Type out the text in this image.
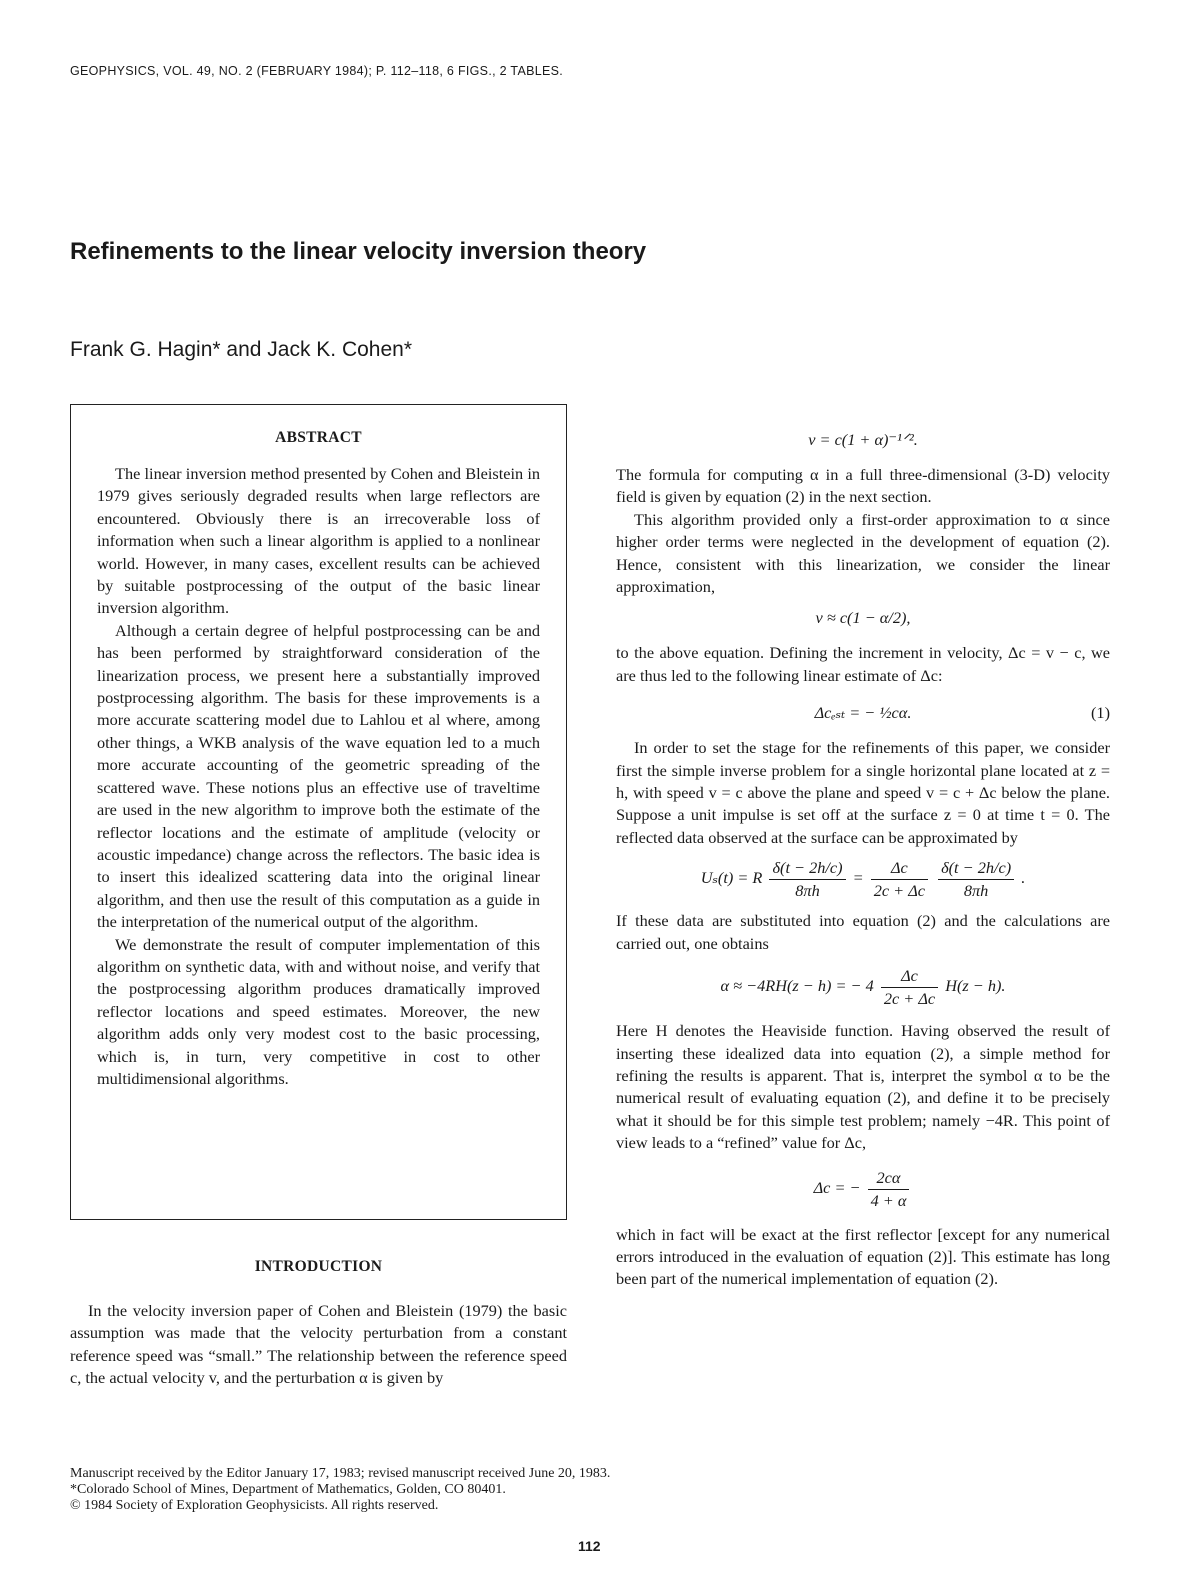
GEOPHYSICS, VOL. 49, NO. 2 (FEBRUARY 1984); P. 112–118, 6 FIGS., 2 TABLES.
Refinements to the linear velocity inversion theory
Frank G. Hagin* and Jack K. Cohen*
ABSTRACT

The linear inversion method presented by Cohen and Bleistein in 1979 gives seriously degraded results when large reflectors are encountered. Obviously there is an irrecoverable loss of information when such a linear algorithm is applied to a nonlinear world. However, in many cases, excellent results can be achieved by suitable postprocessing of the output of the basic linear inversion algorithm.

Although a certain degree of helpful postprocessing can be and has been performed by straightforward consideration of the linearization process, we present here a substantially improved postprocessing algorithm. The basis for these improvements is a more accurate scattering model due to Lahlou et al where, among other things, a WKB analysis of the wave equation led to a much more accurate accounting of the geometric spreading of the scattered wave. These notions plus an effective use of traveltime are used in the new algorithm to improve both the estimate of the reflector locations and the estimate of amplitude (velocity or acoustic impedance) change across the reflectors. The basic idea is to insert this idealized scattering data into the original linear algorithm, and then use the result of this computation as a guide in the interpretation of the numerical output of the algorithm.

We demonstrate the result of computer implementation of this algorithm on synthetic data, with and without noise, and verify that the postprocessing algorithm produces dramatically improved reflector locations and speed estimates. Moreover, the new algorithm adds only very modest cost to the basic processing, which is, in turn, very competitive in cost to other multidimensional algorithms.

INTRODUCTION

In the velocity inversion paper of Cohen and Bleistein (1979) the basic assumption was made that the velocity perturbation from a constant reference speed was “small.” The relationship between the reference speed c, the actual velocity v, and the perturbation α is given by

v = c(1 + α)⁻¹ᐟ².

The formula for computing α in a full three-dimensional (3-D) velocity field is given by equation (2) in the next section.

This algorithm provided only a first-order approximation to α since higher order terms were neglected in the development of equation (2). Hence, consistent with this linearization, we consider the linear approximation,

v ≈ c(1 − α/2),

to the above equation. Defining the increment in velocity, Δc = v − c, we are thus led to the following linear estimate of Δc:

Δcₑₛₜ = − ½cα.	(1)

In order to set the stage for the refinements of this paper, we consider first the simple inverse problem for a single horizontal plane located at z = h, with speed v = c above the plane and speed v = c + Δc below the plane. Suppose a unit impulse is set off at the surface z = 0 at time t = 0. The reflected data observed at the surface can be approximated by

Uₛ(t) = R $\frac{\delta(t - 2h/c)}{8\pi h} = \frac{\Delta c}{2c + \Delta c}$
$\frac{\delta(t - 2h/c)}{8\pi h}$ .

If these data are substituted into equation (2) and the calculations are carried out, one obtains

α ≈ −4RH(z − h) = − $4 \frac{\Delta c}{2c + \Delta c} H(z - h)$.

Here H denotes the Heaviside function. Having observed the result of inserting these idealized data into equation (2), a simple method for refining the results is apparent. That is, interpret the symbol α to be the numerical result of evaluating equation (2), and define it to be precisely what it should be for this simple test problem; namely −4R. This point of view leads to a “refined” value for Δc,

Δc = − $\frac{2c\alpha}{4 + \alpha}$

which in fact will be exact at the first reflector [except for any numerical errors introduced in the evaluation of equation (2)]. This estimate has long been part of the numerical implementation of equation (2).

Manuscript received by the Editor January 17, 1983; revised manuscript received June 20, 1983.
*Colorado School of Mines, Department of Mathematics, Golden, CO 80401.
© 1984 Society of Exploration Geophysicists. All rights reserved.
112
